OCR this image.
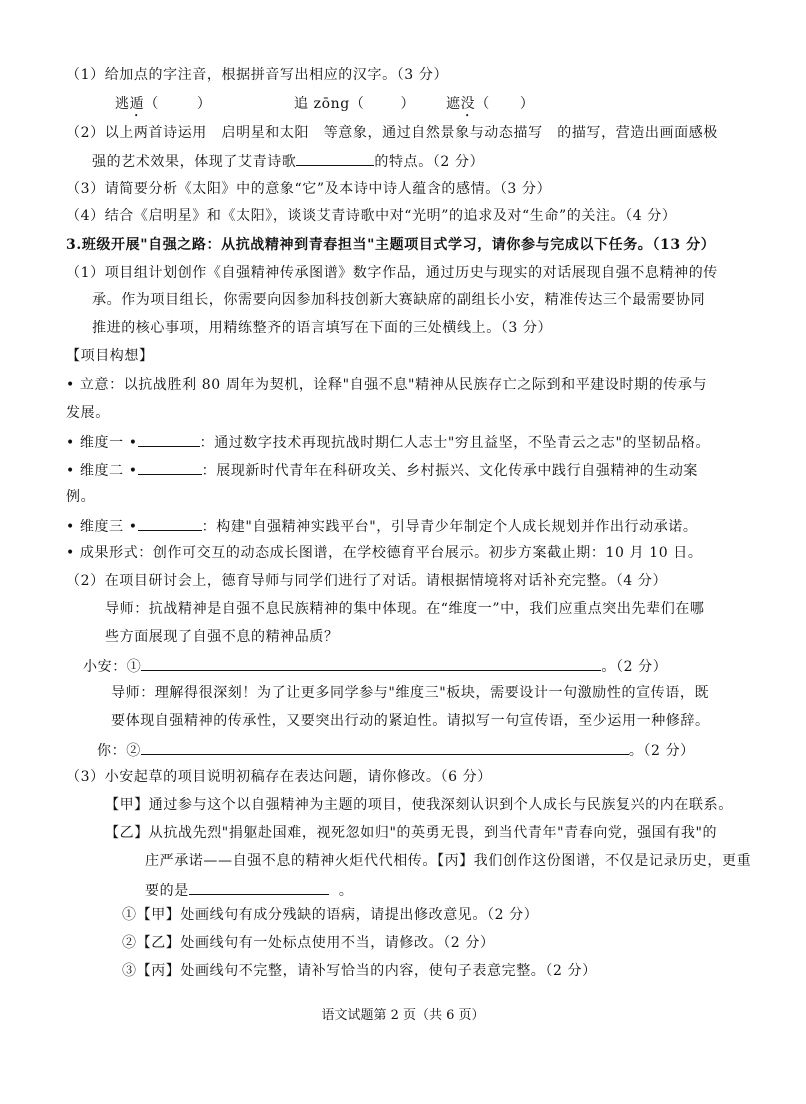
（1）给加点的字注音，根据拼音写出相应的汉字。（3 分）
逃遁（	）	追 zōng（	） 遮没（ ）
（2）以上两首诗运用　启明星和太阳　等意象，通过自然景象与动态描写　的描写，营造出画面感极
强的艺术效果，体现了艾青诗歌	的特点。（2 分）
（3）请简要分析《太阳》中的意象“它”及本诗中诗人蕴含的感情。（3 分）
（4）结合《启明星》和《太阳》，谈谈艾青诗歌中对“光明”的追求及对“生命”的关注。（4 分）
3.班级开展"自强之路：从抗战精神到青春担当"主题项目式学习，请你参与完成以下任务。（13 分）
（1）项目组计划创作《自强精神传承图谱》数字作品，通过历史与现实的对话展现自强不息精神的传
承。作为项目组长，你需要向因参加科技创新大赛缺席的副组长小安，精准传达三个最需要协同
推进的核心事项，用精练整齐的语言填写在下面的三处横线上。（3 分）
【项目构想】
• 立意：以抗战胜利 80 周年为契机，诠释"自强不息"精神从民族存亡之际到和平建设时期的传承与
发展。
• 维度一 •	：通过数字技术再现抗战时期仁人志士"穷且益坚，不坠青云之志"的坚韧品格。
• 维度二 •	：展现新时代青年在科研攻关、乡村振兴、文化传承中践行自强精神的生动案
例。
• 维度三 •	：构建"自强精神实践平台"，引导青少年制定个人成长规划并作出行动承诺。
• 成果形式：创作可交互的动态成长图谱，在学校德育平台展示。初步方案截止期：10 月 10 日。
（2）在项目研讨会上，德育导师与同学们进行了对话。请根据情境将对话补充完整。（4 分）
导师：抗战精神是自强不息民族精神的集中体现。在“维度一”中，我们应重点突出先辈们在哪
些方面展现了自强不息的精神品质？
小安：①	。（2 分）
导师：理解得很深刻！为了让更多同学参与"维度三"板块，需要设计一句激励性的宣传语，既
要体现自强精神的传承性，又要突出行动的紧迫性。请拟写一句宣传语，至少运用一种修辞。
你：②	。（2 分）
（3）小安起草的项目说明初稿存在表达问题，请你修改。（6 分）
【甲】通过参与这个以自强精神为主题的项目，使我深刻认识到个人成长与民族复兴的内在联系。
【乙】从抗战先烈"捐躯赴国难，视死忽如归"的英勇无畏，到当代青年"青春向党，强国有我"的
庄严承诺——自强不息的精神火炬代代相传。【丙】我们创作这份图谱，不仅是记录历史，更重
要的是	。
①【甲】处画线句有成分残缺的语病，请提出修改意见。（2 分）
②【乙】处画线句有一处标点使用不当，请修改。（2 分）
③【丙】处画线句不完整，请补写恰当的内容，使句子表意完整。（2 分）
语文试题第 2 页（共 6 页）
